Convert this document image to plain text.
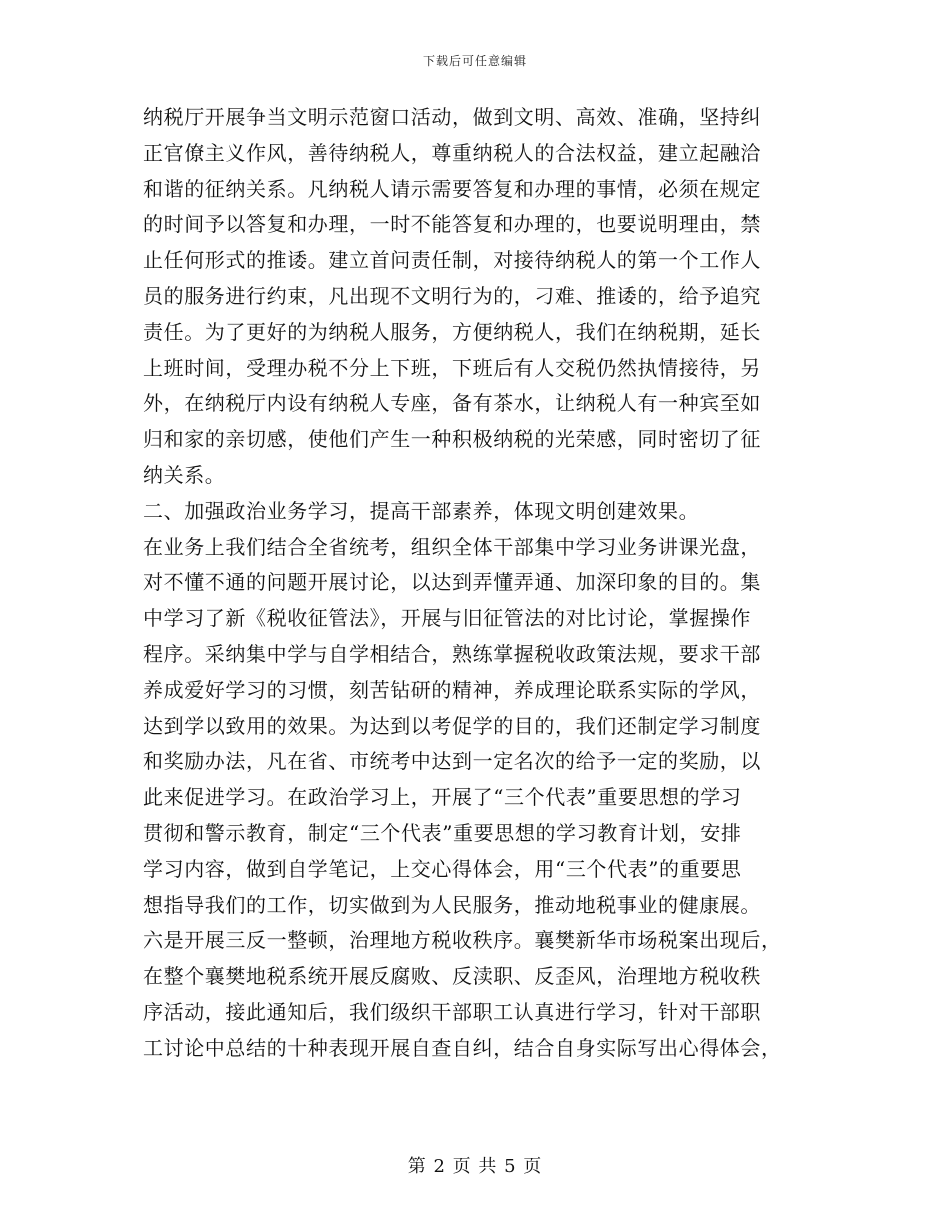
下载后可任意编辑
纳税厅开展争当文明示范窗口活动，做到文明、高效、准确，坚持纠
正官僚主义作风，善待纳税人，尊重纳税人的合法权益，建立起融洽
和谐的征纳关系。凡纳税人请示需要答复和办理的事情，必须在规定
的时间予以答复和办理，一时不能答复和办理的，也要说明理由，禁
止任何形式的推诿。建立首问责任制，对接待纳税人的第一个工作人
员的服务进行约束，凡出现不文明行为的，刁难、推诿的，给予追究
责任。为了更好的为纳税人服务，方便纳税人，我们在纳税期，延长
上班时间，受理办税不分上下班，下班后有人交税仍然执情接待，另
外，在纳税厅内设有纳税人专座，备有茶水，让纳税人有一种宾至如
归和家的亲切感，使他们产生一种积极纳税的光荣感，同时密切了征
纳关系。
二、加强政治业务学习，提高干部素养，体现文明创建效果。
在业务上我们结合全省统考，组织全体干部集中学习业务讲课光盘，
对不懂不通的问题开展讨论，以达到弄懂弄通、加深印象的目的。集
中学习了新《税收征管法》，开展与旧征管法的对比讨论，掌握操作
程序。采纳集中学与自学相结合，熟练掌握税收政策法规，要求干部
养成爱好学习的习惯，刻苦钻研的精神，养成理论联系实际的学风，
达到学以致用的效果。为达到以考促学的目的，我们还制定学习制度
和奖励办法，凡在省、市统考中达到一定名次的给予一定的奖励，以
此来促进学习。在政治学习上，开展了“三个代表”重要思想的学习
贯彻和警示教育，制定“三个代表”重要思想的学习教育计划，安排
学习内容，做到自学笔记，上交心得体会，用“三个代表”的重要思
想指导我们的工作，切实做到为人民服务，推动地税事业的健康展。
六是开展三反一整顿，治理地方税收秩序。襄樊新华市场税案出现后，
在整个襄樊地税系统开展反腐败、反渎职、反歪风，治理地方税收秩
序活动，接此通知后，我们级织干部职工认真进行学习，针对干部职
工讨论中总结的十种表现开展自查自纠，结合自身实际写出心得体会，
第 2 页 共 5 页
